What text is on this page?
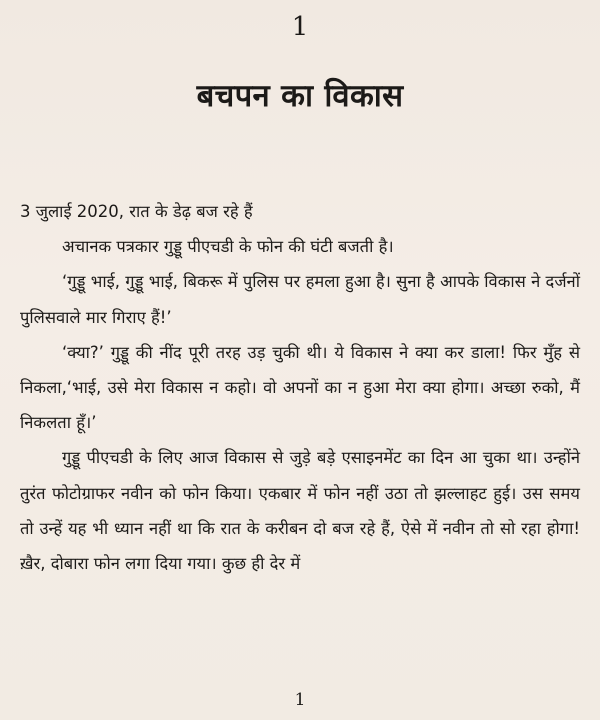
1
बचपन का विकास

3 जुलाई 2020, रात के डेढ़ बज रहे हैं

अचानक पत्रकार गुड्डू पीएचडी के फोन की घंटी बजती है।

‘गुड्डू भाई, गुड्डू भाई, बिकरू में पुलिस पर हमला हुआ है। सुना है आपके विकास ने दर्जनों पुलिसवाले मार गिराए हैं!’

‘क्या?’ गुड्डू की नींद पूरी तरह उड़ चुकी थी। ये विकास ने क्या कर डाला! फिर मुँह से निकला,‘भाई, उसे मेरा विकास न कहो। वो अपनों का न हुआ मेरा क्या होगा। अच्छा रुको, मैं निकलता हूँ।’

गुड्डू पीएचडी के लिए आज विकास से जुड़े बड़े एसाइनमेंट का दिन आ चुका था। उन्होंने तुरंत फोटोग्राफर नवीन को फोन किया। एकबार में फोन नहीं उठा तो झल्लाहट हुई। उस समय तो उन्हें यह भी ध्यान नहीं था कि रात के करीबन दो बज रहे हैं, ऐसे में नवीन तो सो रहा होगा! ख़ैर, दोबारा फोन लगा दिया गया। कुछ ही देर में

1
